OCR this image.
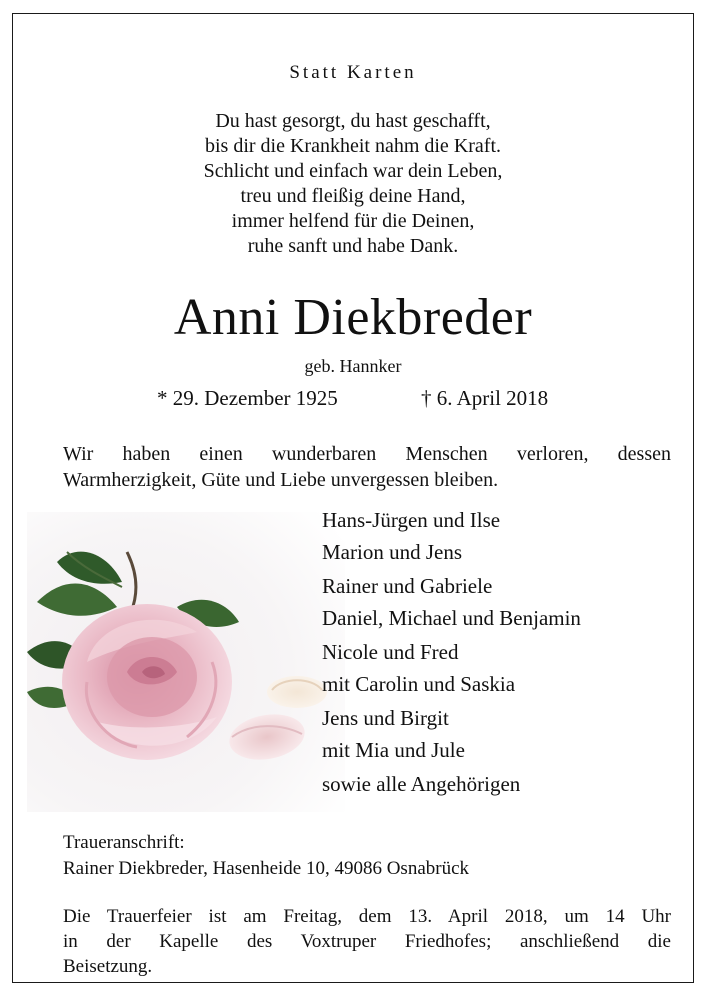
Statt Karten
Du hast gesorgt, du hast geschafft,
bis dir die Krankheit nahm die Kraft.
Schlicht und einfach war dein Leben,
treu und fleißig deine Hand,
immer helfend für die Deinen,
ruhe sanft und habe Dank.
Anni Diekbreder
geb. Hannker
* 29. Dezember 1925	† 6. April 2018
Wir haben einen wunderbaren Menschen verloren, dessen
Warmherzigkeit, Güte und Liebe unvergessen bleiben.
Hans-Jürgen und Ilse
Marion und Jens
Rainer und Gabriele
Daniel, Michael und Benjamin
Nicole und Fred
mit Carolin und Saskia
Jens und Birgit
mit Mia und Jule
sowie alle Angehörigen
Traueranschrift:
Rainer Diekbreder, Hasenheide 10, 49086 Osnabrück
Die Trauerfeier ist am Freitag, dem 13. April 2018, um 14 Uhr
in der Kapelle des Voxtruper Friedhofes; anschließend die
Beisetzung.
